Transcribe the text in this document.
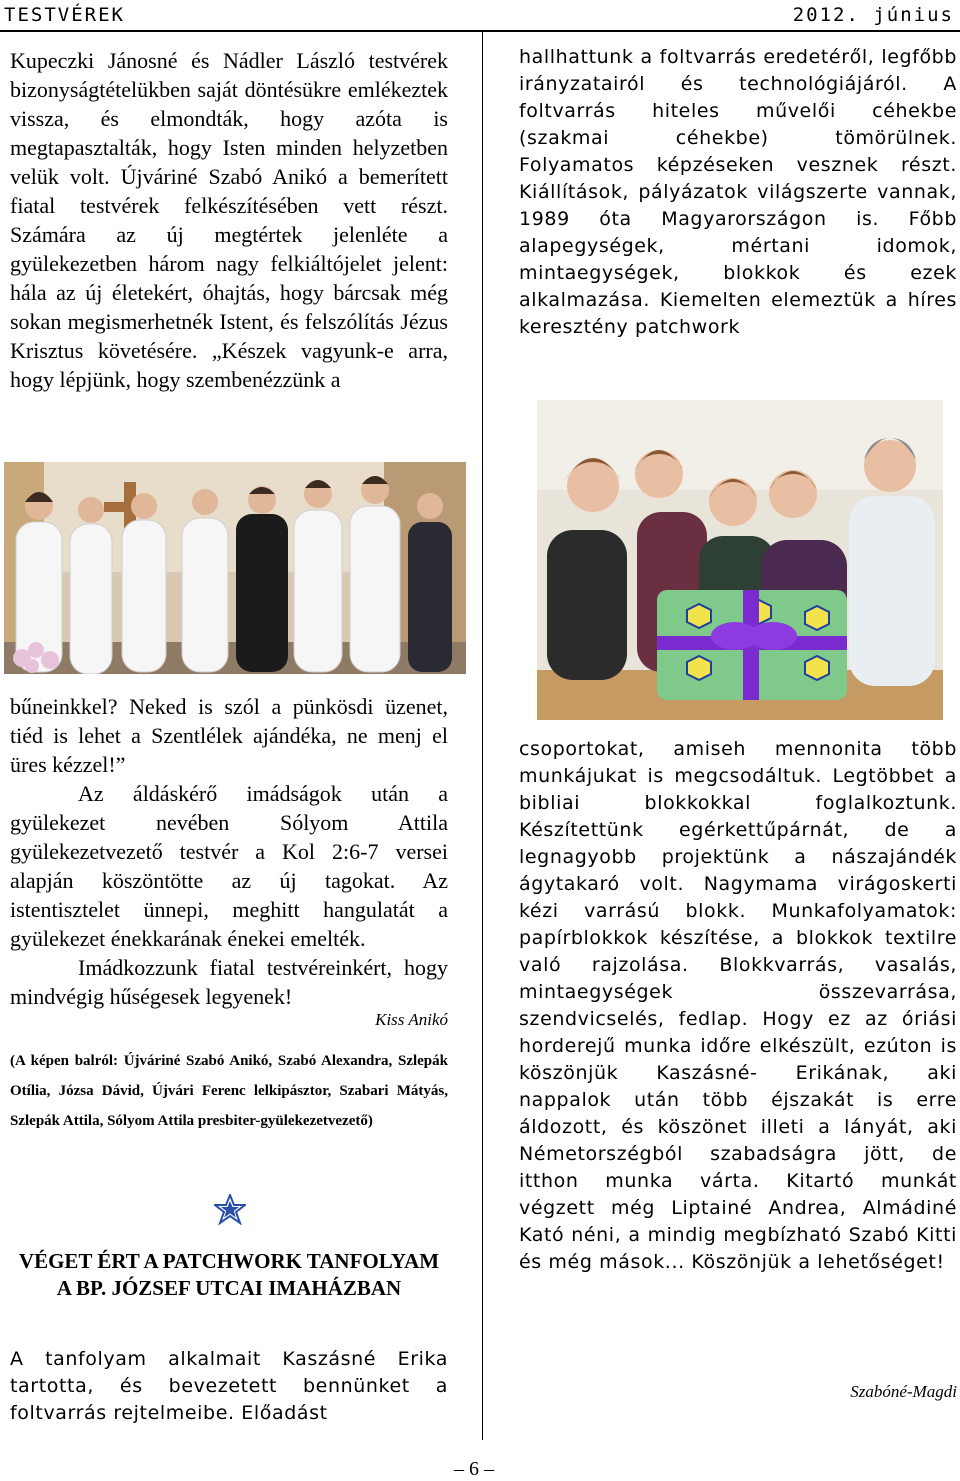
TESTVÉREK	2012. június

Kupeczki Jánosné és Nádler László testvérek bizonyságtételükben saját döntésükre emlékeztek vissza, és elmondták, hogy azóta is megtapasztalták, hogy Isten minden helyzetben velük volt. Újváriné Szabó Anikó a bemerített fiatal testvérek felkészítésében vett részt. Számára az új megtértek jelenléte a gyülekezetben három nagy felkiáltójelet jelent: hála az új életekért, óhajtás, hogy bárcsak még sokan megismerhetnék Istent, és felszólítás Jézus Krisztus követésére. „Készek vagyunk-e arra, hogy lépjünk, hogy szembenézzünk a

bűneinkkel? Neked is szól a pünkösdi üzenet, tiéd is lehet a Szentlélek ajándéka, ne menj el üres kézzel!”

Az áldáskérő imádságok után a gyülekezet nevében Sólyom Attila gyülekezetvezető testvér a Kol 2:6-7 versei alapján köszöntötte az új tagokat. Az istentisztelet ünnepi, meghitt hangulatát a gyülekezet énekkarának énekei emelték.

Imádkozzunk fiatal testvéreinkért, hogy mindvégig hűségesek legyenek!

Kiss Anikó

(A képen balról: Újváriné Szabó Anikó, Szabó Alexandra, Szlepák Otília, Józsa Dávid, Újvári Ferenc lelkipásztor, Szabari Mátyás, Szlepák Attila, Sólyom Attila presbiter-gyülekezetvezető)

VÉGET ÉRT A PATCHWORK TANFOLYAM A BP. JÓZSEF UTCAI IMAHÁZBAN

A tanfolyam alkalmait Kaszásné Erika tartotta, és bevezetett bennünket a foltvarrás rejtelmeibe. Előadást

hallhattunk a foltvarrás eredetéről, legfőbb irányzatairól és technológiájáról. A foltvarrás hiteles művelői céhekbe (szakmai céhekbe) tömörülnek. Folyamatos képzéseken vesznek részt. Kiállítások, pályázatok világszerte vannak, 1989 óta Magyarországon is. Főbb alapegységek, mértani idomok, mintaegységek, blokkok és ezek alkalmazása. Kiemelten elemeztük a híres keresztény patchwork

csoportokat, amiseh mennonita több munkájukat is megcsodáltuk. Legtöbbet a bibliai blokkokkal foglalkoztunk. Készítettünk egérkettűpárnát, de a legnagyobb projektünk a nászajándék ágytakaró volt. Nagymama virágoskerti kézi varrású blokk. Munkafolyamatok: papírblokkok készítése, a blokkok textilre való rajzolása. Blokkvarrás, vasalás, mintaegységek összevarrása, szendvicselés, fedlap. Hogy ez az óriási horderejű munka időre elkészült, ezúton is köszönjük Kaszásné- Erikának, aki nappalok után több éjszakát is erre áldozott, és köszönet illeti a lányát, aki Németorszégból szabadságra jött, de itthon munka várta. Kitartó munkát végzett még Liptainé Andrea, Almádiné Kató néni, a mindig megbízható Szabó Kitti és még mások... Köszönjük a lehetőséget!

Szabóné-Magdi
– 6 –
